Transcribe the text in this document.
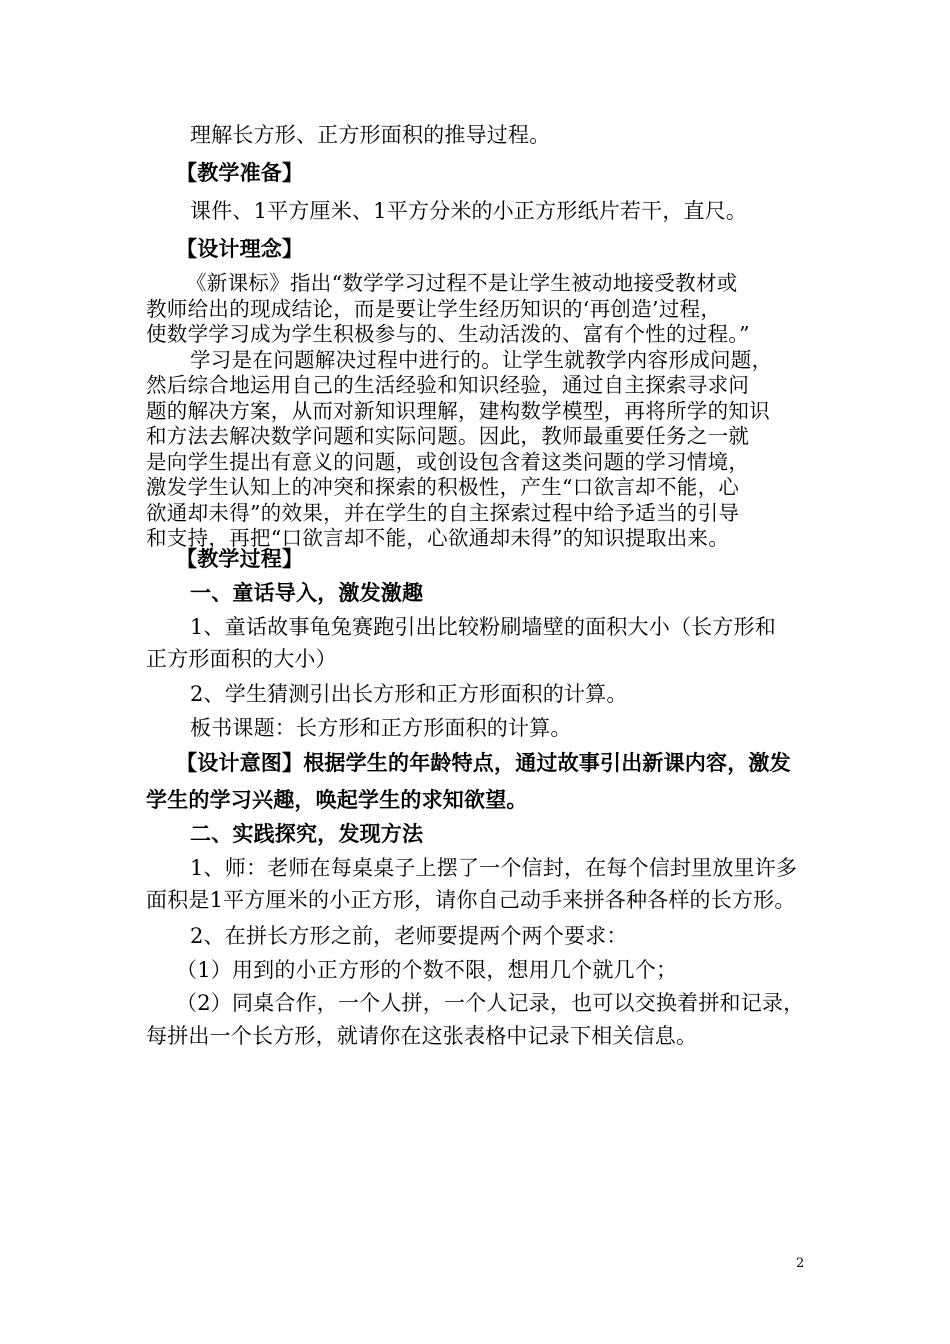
理解长方形、正方形面积的推导过程。
【教学准备】
课件、1平方厘米、1平方分米的小正方形纸片若干，直尺。
【设计理念】
《新课标》指出“数学学习过程不是让学生被动地接受教材或
教师给出的现成结论，而是要让学生经历知识的‘再创造’过程，
使数学学习成为学生积极参与的、生动活泼的、富有个性的过程。”
学习是在问题解决过程中进行的。让学生就教学内容形成问题，
然后综合地运用自己的生活经验和知识经验，通过自主探索寻求问
题的解决方案，从而对新知识理解，建构数学模型，再将所学的知识
和方法去解决数学问题和实际问题。因此，教师最重要任务之一就
是向学生提出有意义的问题，或创设包含着这类问题的学习情境，
激发学生认知上的冲突和探索的积极性，产生“口欲言却不能，心
欲通却未得”的效果，并在学生的自主探索过程中给予适当的引导
和支持，再把“口欲言却不能，心欲通却未得”的知识提取出来。
【教学过程】
一、童话导入，激发激趣
1、童话故事龟兔赛跑引出比较粉刷墙壁的面积大小（长方形和
正方形面积的大小）
2、学生猜测引出长方形和正方形面积的计算。
板书课题：长方形和正方形面积的计算。
【设计意图】根据学生的年龄特点，通过故事引出新课内容，激发
学生的学习兴趣，唤起学生的求知欲望。
二、实践探究，发现方法
1、师：老师在每桌桌子上摆了一个信封，在每个信封里放里许多
面积是1平方厘米的小正方形，请你自己动手来拼各种各样的长方形。
2、在拼长方形之前，老师要提两个两个要求：
（1）用到的小正方形的个数不限，想用几个就几个；
（2）同桌合作，一个人拼，一个人记录，也可以交换着拼和记录，
每拼出一个长方形，就请你在这张表格中记录下相关信息。
2
